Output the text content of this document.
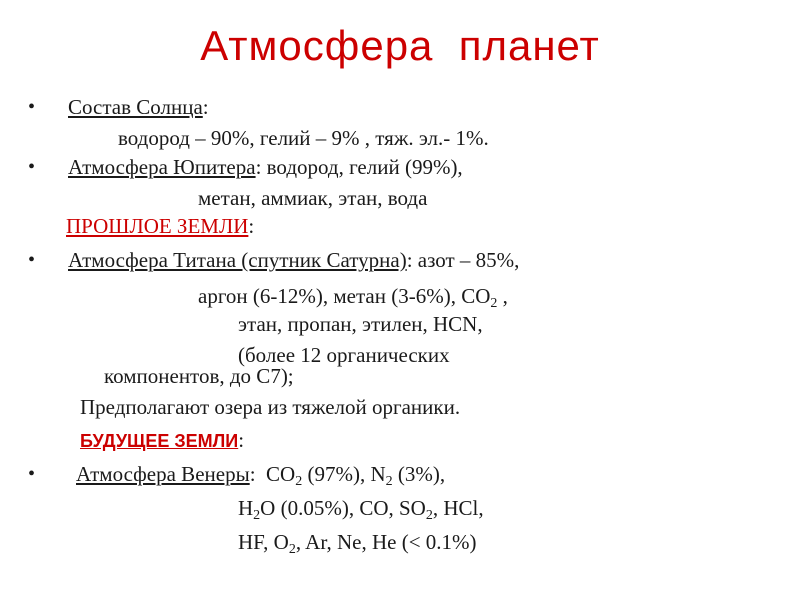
Атмосфера  планет
• Состав Солнца:
водород – 90%, гелий – 9% , тяж. эл.- 1%.
• Атмосфера Юпитера: водород, гелий (99%),
метан, аммиак, этан, вода
ПРОШЛОЕ ЗЕМЛИ:
• Атмосфера Титана (спутник Сатурна): азот – 85%,
аргон (6-12%), метан (3-6%), $CO_2$ ,
этан, пропан, этилен, HCN,
(более 12 органических
компонентов, до C7);
Предполагают озера из тяжелой органики.
БУДУЩЕЕ ЗЕМЛИ:
• Атмосфера Венеры: $CO_2$ (97%), $N_2$ (3%),
$H_2O$ (0.05%), CO, $SO_2$, HCl,
HF, $O_2$, Ar, Ne, He (< 0.1%)
